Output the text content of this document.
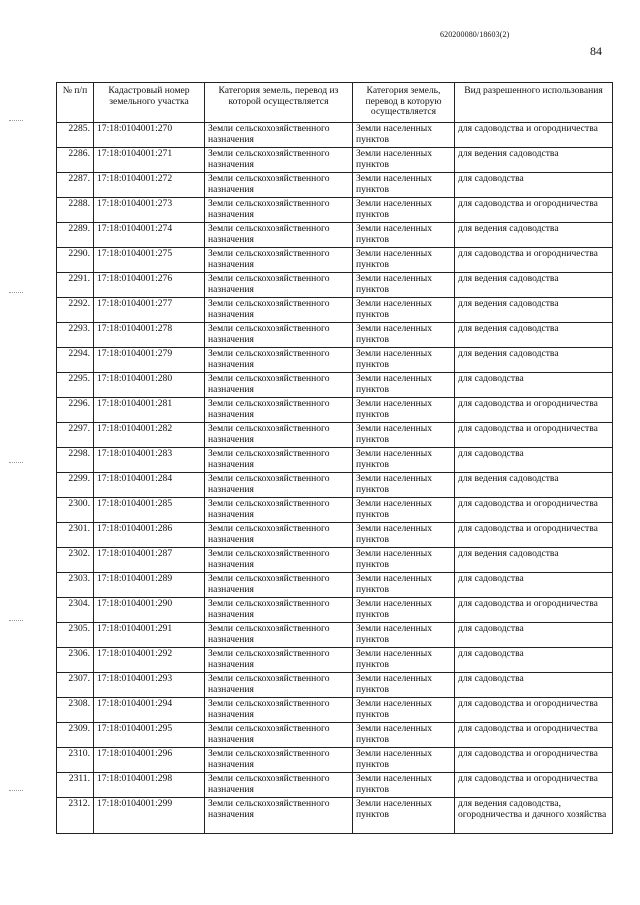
620200080/18603(2)
84
№ п/п	Кадастровый номер земельного участка	Категория земель, перевод из которой осуществляется	Категория земель, перевод в которую осуществляется	Вид разрешенного использования
2285.	17:18:0104001:270	Земли сельскохозяйственного назначения	Земли населенных пунктов	для садоводства и огородничества
2286.	17:18:0104001:271	Земли сельскохозяйственного назначения	Земли населенных пунктов	для ведения садоводства
2287.	17:18:0104001:272	Земли сельскохозяйственного назначения	Земли населенных пунктов	для садоводства
2288.	17:18:0104001:273	Земли сельскохозяйственного назначения	Земли населенных пунктов	для садоводства и огородничества
2289.	17:18:0104001:274	Земли сельскохозяйственного назначения	Земли населенных пунктов	для ведения садоводства
2290.	17:18:0104001:275	Земли сельскохозяйственного назначения	Земли населенных пунктов	для садоводства и огородничества
2291.	17:18:0104001:276	Земли сельскохозяйственного назначения	Земли населенных пунктов	для ведения садоводства
2292.	17:18:0104001:277	Земли сельскохозяйственного назначения	Земли населенных пунктов	для ведения садоводства
2293.	17:18:0104001:278	Земли сельскохозяйственного назначения	Земли населенных пунктов	для ведения садоводства
2294.	17:18:0104001:279	Земли сельскохозяйственного назначения	Земли населенных пунктов	для ведения садоводства
2295.	17:18:0104001:280	Земли сельскохозяйственного назначения	Земли населенных пунктов	для садоводства
2296.	17:18:0104001:281	Земли сельскохозяйственного назначения	Земли населенных пунктов	для садоводства и огородничества
2297.	17:18:0104001:282	Земли сельскохозяйственного назначения	Земли населенных пунктов	для садоводства и огородничества
2298.	17:18:0104001:283	Земли сельскохозяйственного назначения	Земли населенных пунктов	для садоводства
2299.	17:18:0104001:284	Земли сельскохозяйственного назначения	Земли населенных пунктов	для ведения садоводства
2300.	17:18:0104001:285	Земли сельскохозяйственного назначения	Земли населенных пунктов	для садоводства и огородничества
2301.	17:18:0104001:286	Земли сельскохозяйственного назначения	Земли населенных пунктов	для садоводства и огородничества
2302.	17:18:0104001:287	Земли сельскохозяйственного назначения	Земли населенных пунктов	для ведения садоводства
2303.	17:18:0104001:289	Земли сельскохозяйственного назначения	Земли населенных пунктов	для садоводства
2304.	17:18:0104001:290	Земли сельскохозяйственного назначения	Земли населенных пунктов	для садоводства и огородничества
2305.	17:18:0104001:291	Земли сельскохозяйственного назначения	Земли населенных пунктов	для садоводства
2306.	17:18:0104001:292	Земли сельскохозяйственного назначения	Земли населенных пунктов	для садоводства
2307.	17:18:0104001:293	Земли сельскохозяйственного назначения	Земли населенных пунктов	для садоводства
2308.	17:18:0104001:294	Земли сельскохозяйственного назначения	Земли населенных пунктов	для садоводства и огородничества
2309.	17:18:0104001:295	Земли сельскохозяйственного назначения	Земли населенных пунктов	для садоводства и огородничества
2310.	17:18:0104001:296	Земли сельскохозяйственного назначения	Земли населенных пунктов	для садоводства и огородничества
2311.	17:18:0104001:298	Земли сельскохозяйственного назначения	Земли населенных пунктов	для садоводства и огородничества
2312.	17:18:0104001:299	Земли сельскохозяйственного назначения	Земли населенных пунктов	для ведения садоводства, огородничества и дачного хозяйства
